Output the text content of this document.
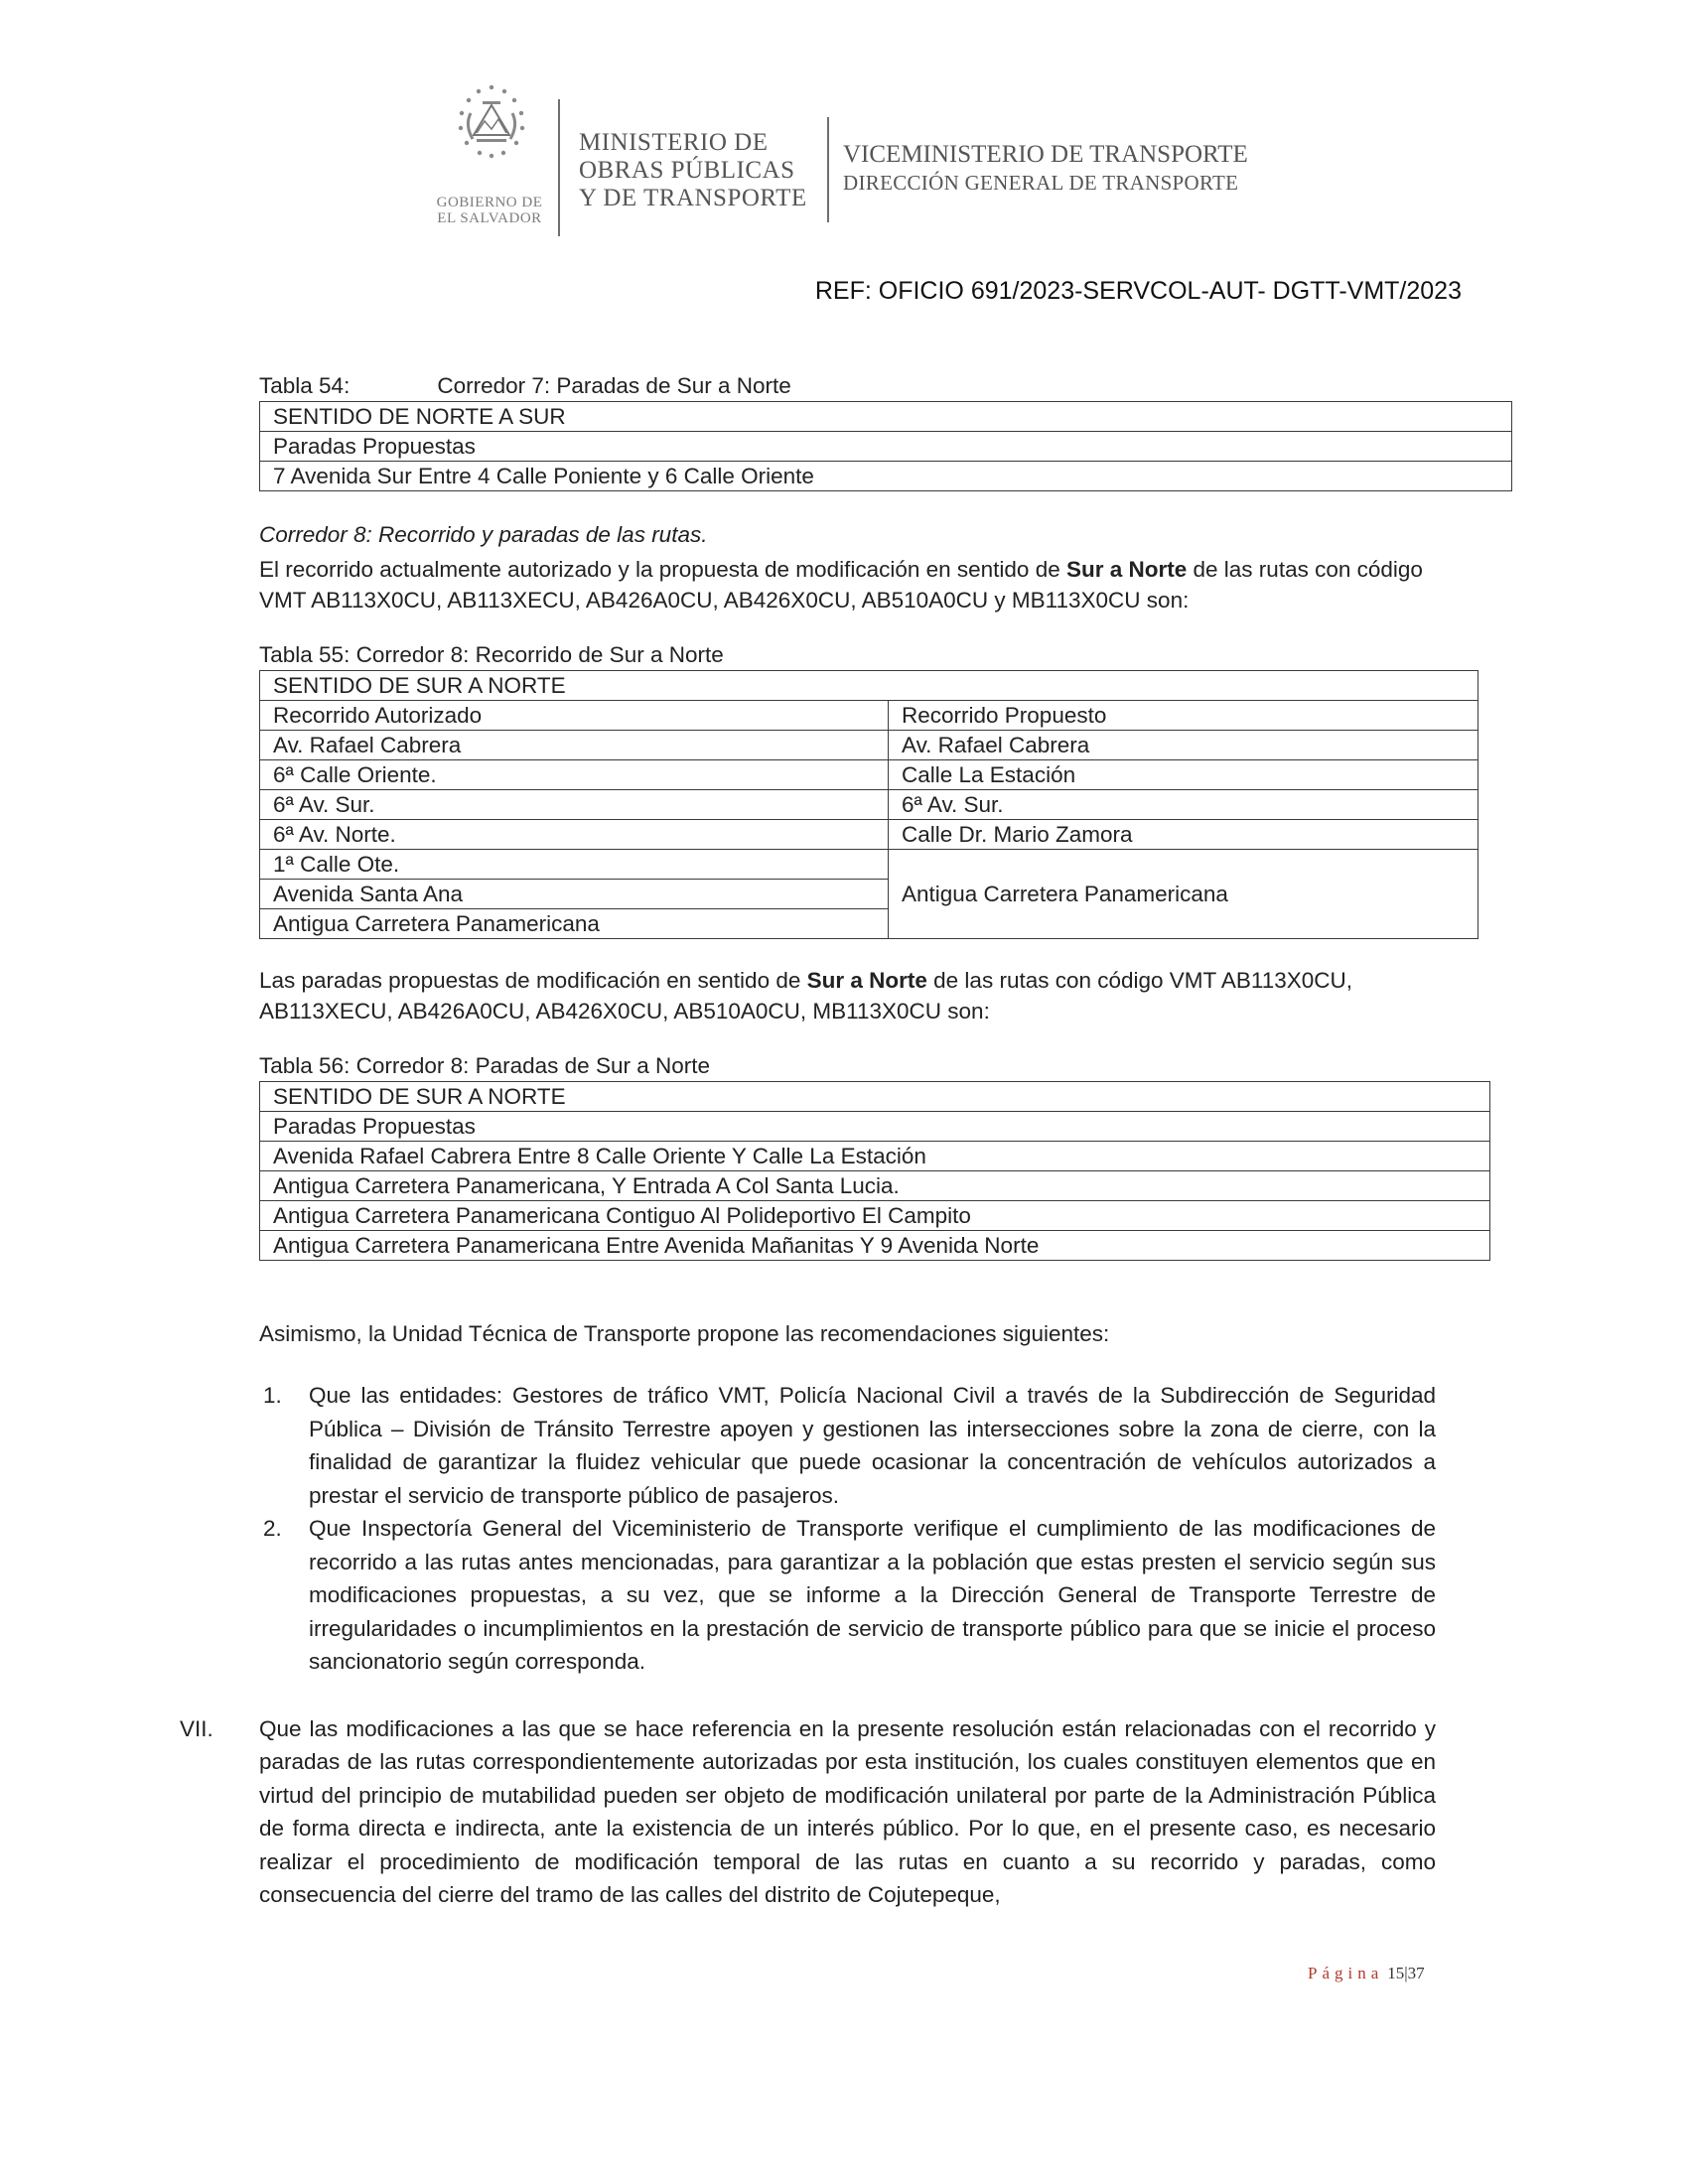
GOBIERNO DE
EL SALVADOR
MINISTERIO DE
OBRAS PÚBLICAS
Y DE TRANSPORTE
VICEMINISTERIO DE TRANSPORTE
DIRECCIÓN GENERAL DE TRANSPORTE
REF: OFICIO 691/2023-SERVCOL-AUT- DGTT-VMT/2023
Tabla 54:	Corredor 7: Paradas de Sur a Norte
SENTIDO DE NORTE A SUR
Paradas Propuestas
7 Avenida Sur Entre 4 Calle Poniente y 6 Calle Oriente
Corredor 8: Recorrido y paradas de las rutas.

El recorrido actualmente autorizado y la propuesta de modificación en sentido de Sur a Norte de las rutas con código VMT AB113X0CU, AB113XECU, AB426A0CU, AB426X0CU, AB510A0CU y MB113X0CU son:

Tabla 55: Corredor 8: Recorrido de Sur a Norte
SENTIDO DE SUR A NORTE	
Recorrido Autorizado	Recorrido Propuesto
Av. Rafael Cabrera	Av. Rafael Cabrera
6ª Calle Oriente.	Calle La Estación
6ª Av. Sur.	6ª Av. Sur.
6ª Av. Norte.	Calle Dr. Mario Zamora
1ª Calle Ote.	Antigua Carretera Panamericana
Avenida Santa Ana	
Antigua Carretera Panamericana	

Las paradas propuestas de modificación en sentido de Sur a Norte de las rutas con código VMT AB113X0CU, AB113XECU, AB426A0CU, AB426X0CU, AB510A0CU, MB113X0CU son:

Tabla 56: Corredor 8: Paradas de Sur a Norte
SENTIDO DE SUR A NORTE
Paradas Propuestas
Avenida Rafael Cabrera Entre 8 Calle Oriente Y Calle La Estación
Antigua Carretera Panamericana, Y Entrada A Col Santa Lucia.
Antigua Carretera Panamericana Contiguo Al Polideportivo El Campito
Antigua Carretera Panamericana Entre Avenida Mañanitas Y 9 Avenida Norte

Asimismo, la Unidad Técnica de Transporte propone las recomendaciones siguientes:

1. Que las entidades: Gestores de tráfico VMT, Policía Nacional Civil a través de la Subdirección de Seguridad Pública – División de Tránsito Terrestre apoyen y gestionen las intersecciones sobre la zona de cierre, con la finalidad de garantizar la fluidez vehicular que puede ocasionar la concentración de vehículos autorizados a prestar el servicio de transporte público de pasajeros.
2. Que Inspectoría General del Viceministerio de Transporte verifique el cumplimiento de las modificaciones de recorrido a las rutas antes mencionadas, para garantizar a la población que estas presten el servicio según sus modificaciones propuestas, a su vez, que se informe a la Dirección General de Transporte Terrestre de irregularidades o incumplimientos en la prestación de servicio de transporte público para que se inicie el proceso sancionatorio según corresponda.
VII. Que las modificaciones a las que se hace referencia en la presente resolución están relacionadas con el recorrido y paradas de las rutas correspondientemente autorizadas por esta institución, los cuales constituyen elementos que en virtud del principio de mutabilidad pueden ser objeto de modificación unilateral por parte de la Administración Pública de forma directa e indirecta, ante la existencia de un interés público. Por lo que, en el presente caso, es necesario realizar el procedimiento de modificación temporal de las rutas en cuanto a su recorrido y paradas, como consecuencia del cierre del tramo de las calles del distrito de Cojutepeque,
Página 15|37
